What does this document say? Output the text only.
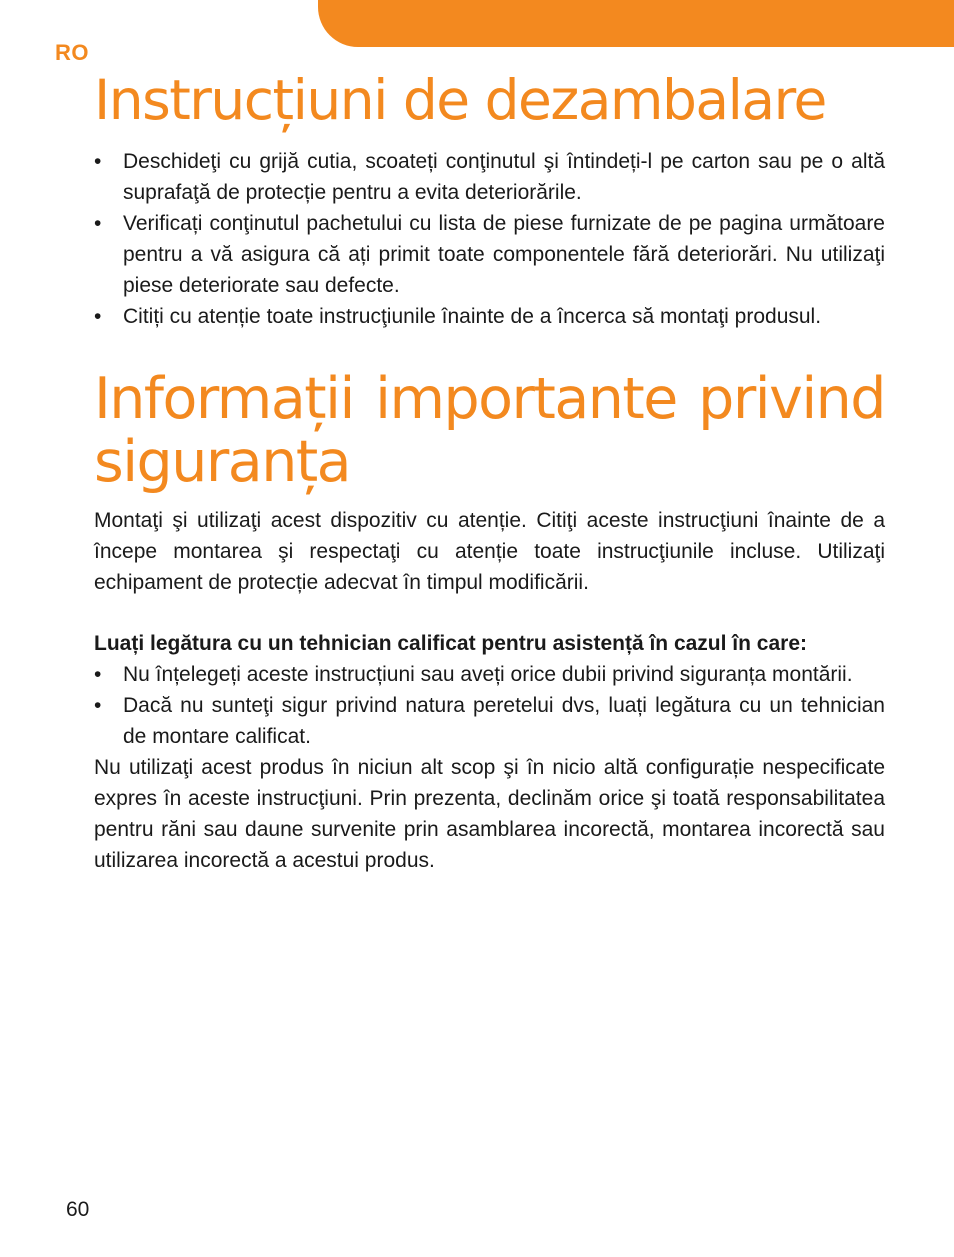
RO
Instrucțiuni de dezambalare
• Deschideţi cu grijă cutia, scoateți conţinutul şi întindeți-l pe carton sau pe o altă suprafaţă de protecție pentru a evita deteriorările.
• Verificați conţinutul pachetului cu lista de piese furnizate de pe pagina următoare pentru a vă asigura că ați primit toate componentele fără deteriorări. Nu utilizaţi piese deteriorate sau defecte.
• Citiți cu atenție toate instrucţiunile înainte de a încerca să montaţi produsul.
Informații importante privind siguranța

Montaţi şi utilizaţi acest dispozitiv cu atenție. Citiţi aceste instrucţiuni înainte de a începe montarea şi respectaţi cu atenție toate instrucţiunile incluse. Utilizaţi echipament de protecție adecvat în timpul modificării.

Luați legătura cu un tehnician calificat pentru asistență în cazul în care:

• Nu înțelegeți aceste instrucțiuni sau aveți orice dubii privind siguranța montării.
• Dacă nu sunteţi sigur privind natura peretelui dvs, luați legătura cu un tehnician de montare calificat.

Nu utilizaţi acest produs în niciun alt scop şi în nicio altă configurație nespecificate expres în aceste instrucţiuni. Prin prezenta, declinăm orice şi toată responsabilitatea pentru răni sau daune survenite prin asamblarea incorectă, montarea incorectă sau utilizarea incorectă a acestui produs.

60
